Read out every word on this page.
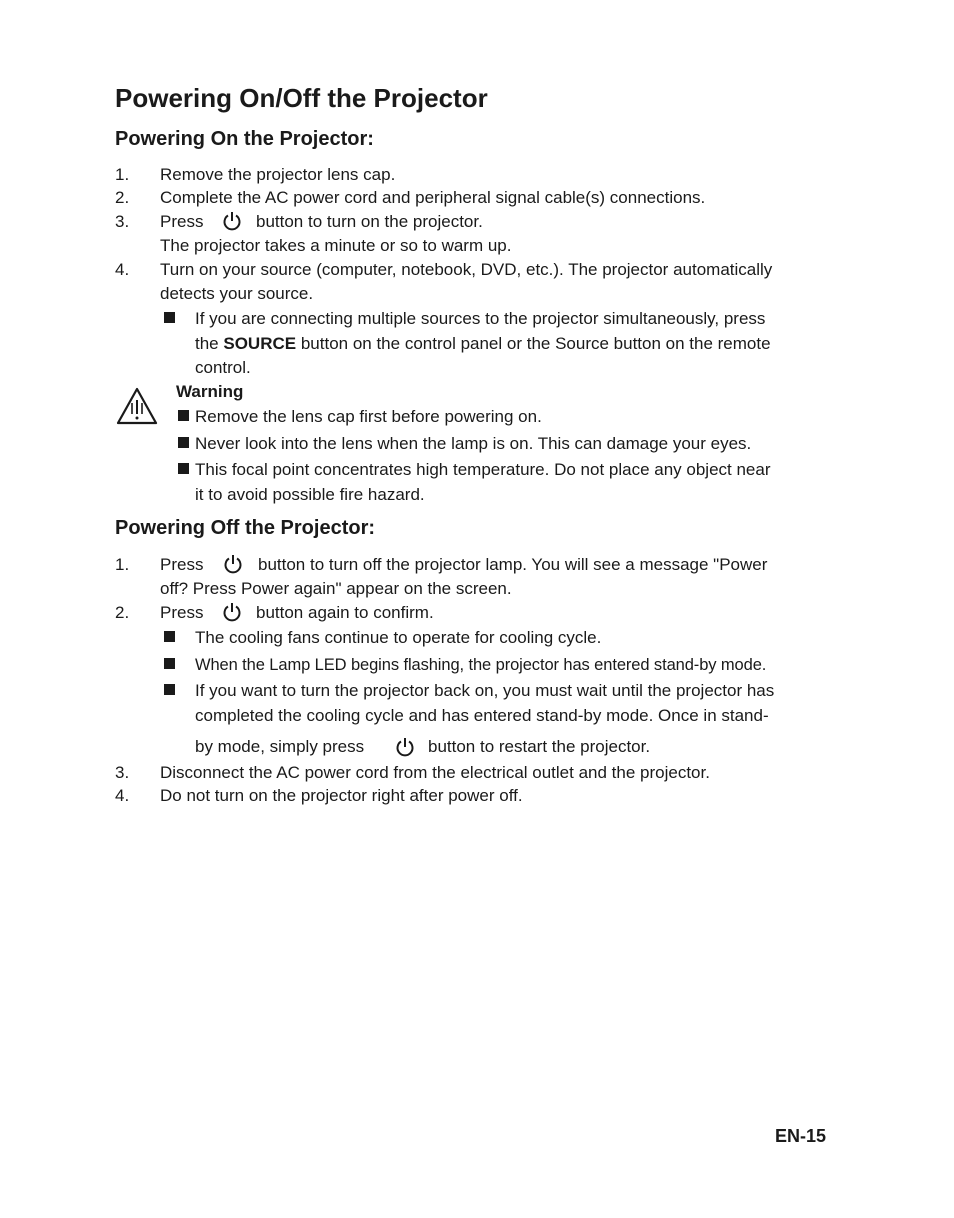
Powering On/Off the Projector
Powering On the Projector:
1. Remove the projector lens cap.
2. Complete the AC power cord and peripheral signal cable(s) connections.
3. Press	button to turn on the projector.
The projector takes a minute or so to warm up.
4. Turn on your source (computer, notebook, DVD, etc.). The projector automatically
detects your source.
If you are connecting multiple sources to the projector simultaneously, press
the SOURCE button on the control panel or the Source button on the remote
control.
Warning
Remove the lens cap first before powering on.
Never look into the lens when the lamp is on. This can damage your eyes.
This focal point concentrates high temperature. Do not place any object near
it to avoid possible fire hazard.
Powering Off the Projector:
1. Press	button to turn off the projector lamp. You will see a message "Power
off? Press Power again" appear on the screen.
2. Press	button again to confirm.
The cooling fans continue to operate for cooling cycle.
When the Lamp LED begins flashing, the projector has entered stand-by mode.
If you want to turn the projector back on, you must wait until the projector has
completed the cooling cycle and has entered stand-by mode. Once in stand-
by mode, simply press	button to restart the projector.
3. Disconnect the AC power cord from the electrical outlet and the projector.
4. Do not turn on the projector right after power off.
EN-15
